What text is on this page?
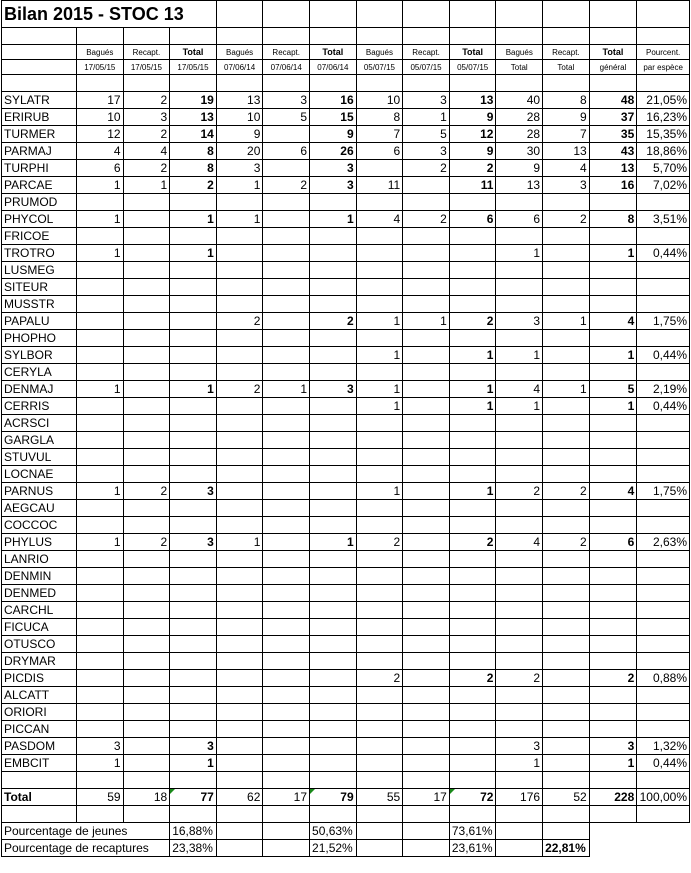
Bilan 2015 - STOC 13													

	Bagués	Recapt.	Total	Bagués	Recapt.	Total	Bagués	Recapt.	Total	Bagués	Recapt.	Total	Pourcent.
	17/05/15	17/05/15	17/05/15	07/06/14	07/06/14	07/06/14	05/07/15	05/07/15	05/07/15	Total	Total	général	par espèce

SYLATR	17	2	19	13	3	16	10	3	13	40	8	48	21,05%
ERIRUB	10	3	13	10	5	15	8	1	9	28	9	37	16,23%
TURMER	12	2	14	9		9	7	5	12	28	7	35	15,35%
PARMAJ	4	4	8	20	6	26	6	3	9	30	13	43	18,86%
TURPHI	6	2	8	3		3		2	2	9	4	13	5,70%
PARCAE	1	1	2	1	2	3	11		11	13	3	16	7,02%
PRUMOD													
PHYCOL	1		1	1		1	4	2	6	6	2	8	3,51%
FRICOE													
TROTRO	1		1							1		1	0,44%
LUSMEG													
SITEUR													
MUSSTR													
PAPALU				2		2	1	1	2	3	1	4	1,75%
PHOPHO													
SYLBOR							1		1	1		1	0,44%
CERYLA													
DENMAJ	1		1	2	1	3	1		1	4	1	5	2,19%
CERRIS							1		1	1		1	0,44%
ACRSCI													
GARGLA													
STUVUL													
LOCNAE													
PARNUS	1	2	3				1		1	2	2	4	1,75%
AEGCAU													
COCCOC													
PHYLUS	1	2	3	1		1	2		2	4	2	6	2,63%
LANRIO													
DENMIN													
DENMED													
CARCHL													
FICUCA													
OTUSCO													
DRYMAR													
PICDIS							2		2	2		2	0,88%
ALCATT													
ORIORI													
PICCAN													
PASDOM	3		3							3		3	1,32%
EMBCIT	1		1							1		1	0,44%

Total	59	18	77	62	17	79	55	17	72	176	52	228	100,00%

Pourcentage de jeunes			16,88%			50,63%			73,61%				
Pourcentage de recaptures			23,38%			21,52%			23,61%		22,81%		
